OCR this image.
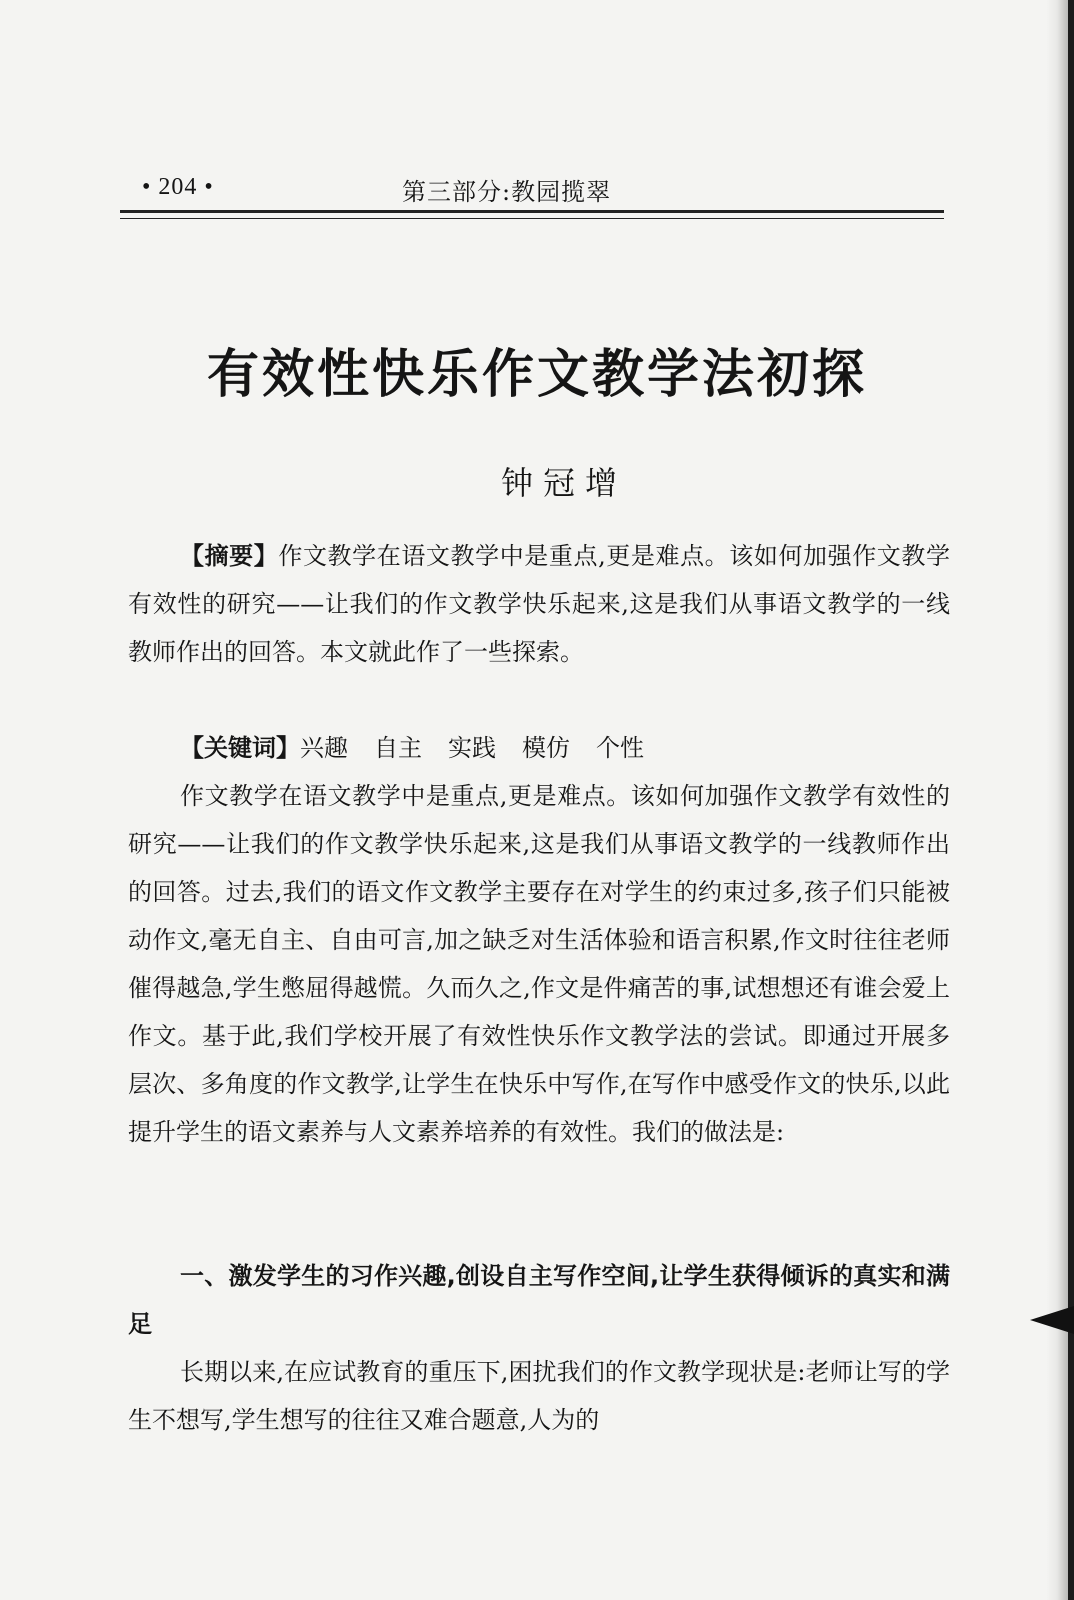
• 204 •	第三部分:教园揽翠
有效性快乐作文教学法初探
钟冠增

【摘要】作文教学在语文教学中是重点,更是难点。该如何加强作文教学有效性的研究——让我们的作文教学快乐起来,这是我们从事语文教学的一线教师作出的回答。本文就此作了一些探索。

【关键词】兴趣 自主 实践 模仿 个性

作文教学在语文教学中是重点,更是难点。该如何加强作文教学有效性的研究——让我们的作文教学快乐起来,这是我们从事语文教学的一线教师作出的回答。过去,我们的语文作文教学主要存在对学生的约束过多,孩子们只能被动作文,毫无自主、自由可言,加之缺乏对生活体验和语言积累,作文时往往老师催得越急,学生憋屈得越慌。久而久之,作文是件痛苦的事,试想想还有谁会爱上作文。基于此,我们学校开展了有效性快乐作文教学法的尝试。即通过开展多层次、多角度的作文教学,让学生在快乐中写作,在写作中感受作文的快乐,以此提升学生的语文素养与人文素养培养的有效性。我们的做法是:

一、激发学生的习作兴趣,创设自主写作空间,让学生获得倾诉的真实和满足

长期以来,在应试教育的重压下,困扰我们的作文教学现状是:老师让写的学生不想写,学生想写的往往又难合题意,人为的
